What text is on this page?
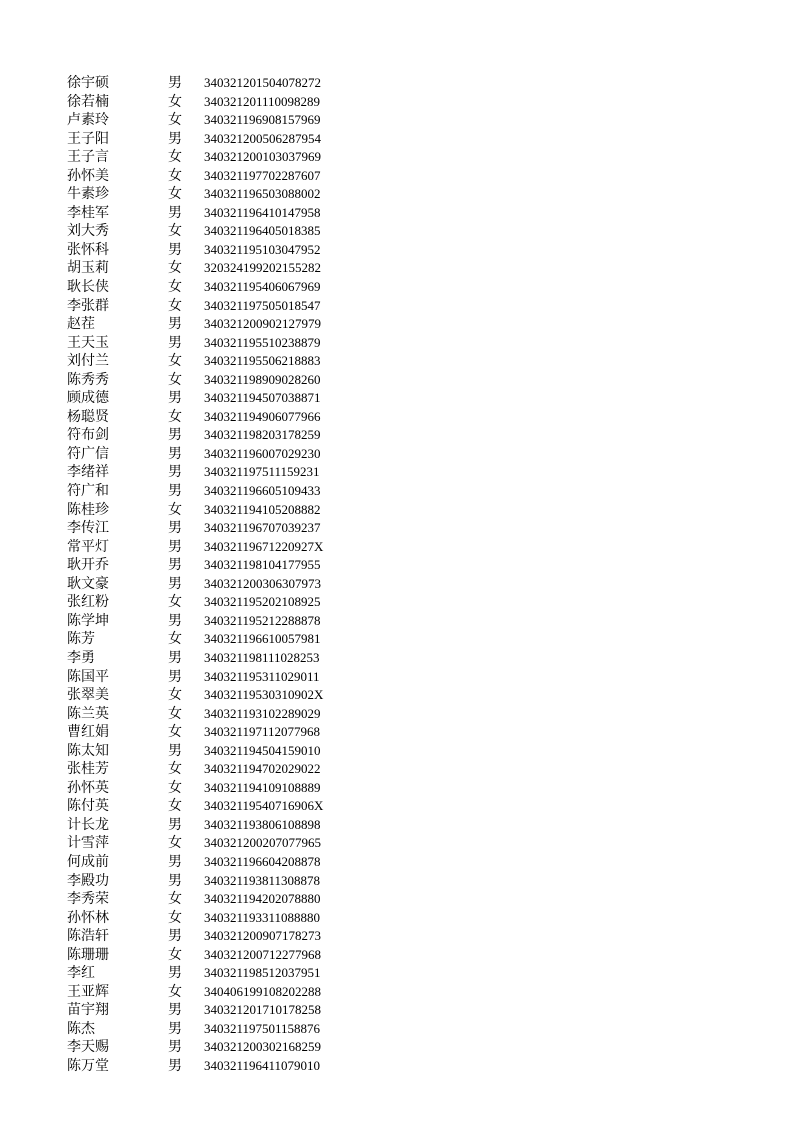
徐宇硕	男 340321201504078272
徐若楠	女 340321201110098289
卢素玲	女 340321196908157969
王子阳	男 340321200506287954
王子言	女 340321200103037969
孙怀美	女 340321197702287607
牛素珍	女 340321196503088002
李桂军	男 340321196410147958
刘大秀	女 340321196405018385
张怀科	男 340321195103047952
胡玉莉	女 320324199202155282
耿长侠	女 340321195406067969
李张群	女 340321197505018547
赵茬	男 340321200902127979
王天玉	男 340321195510238879
刘付兰	女 340321195506218883
陈秀秀	女 340321198909028260
顾成德	男 340321194507038871
杨聪贤	女 340321194906077966
符布剑	男 340321198203178259
符广信	男 340321196007029230
李绪祥	男 340321197511159231
符广和	男 340321196605109433
陈桂珍	女 340321194105208882
李传江	男 340321196707039237
常平灯	男 34032119671220927X
耿开乔	男 340321198104177955
耿文豪	男 340321200306307973
张红粉	女 340321195202108925
陈学坤	男 340321195212288878
陈芳	女 340321196610057981
李勇	男 340321198111028253
陈国平	男 340321195311029011
张翠美	女 34032119530310902X
陈兰英	女 340321193102289029
曹红娟	女 340321197112077968
陈太知	男 340321194504159010
张桂芳	女 340321194702029022
孙怀英	女 340321194109108889
陈付英	女 34032119540716906X
计长龙	男 340321193806108898
计雪萍	女 340321200207077965
何成前	男 340321196604208878
李殿功	男 340321193811308878
李秀荣	女 340321194202078880
孙怀林	女 340321193311088880
陈浩轩	男 340321200907178273
陈珊珊	女 340321200712277968
李红	男 340321198512037951
王亚辉	女 340406199108202288
苗宇翔	男 340321201710178258
陈杰	男 340321197501158876
李天赐	男 340321200302168259
陈万堂	男 340321196411079010
